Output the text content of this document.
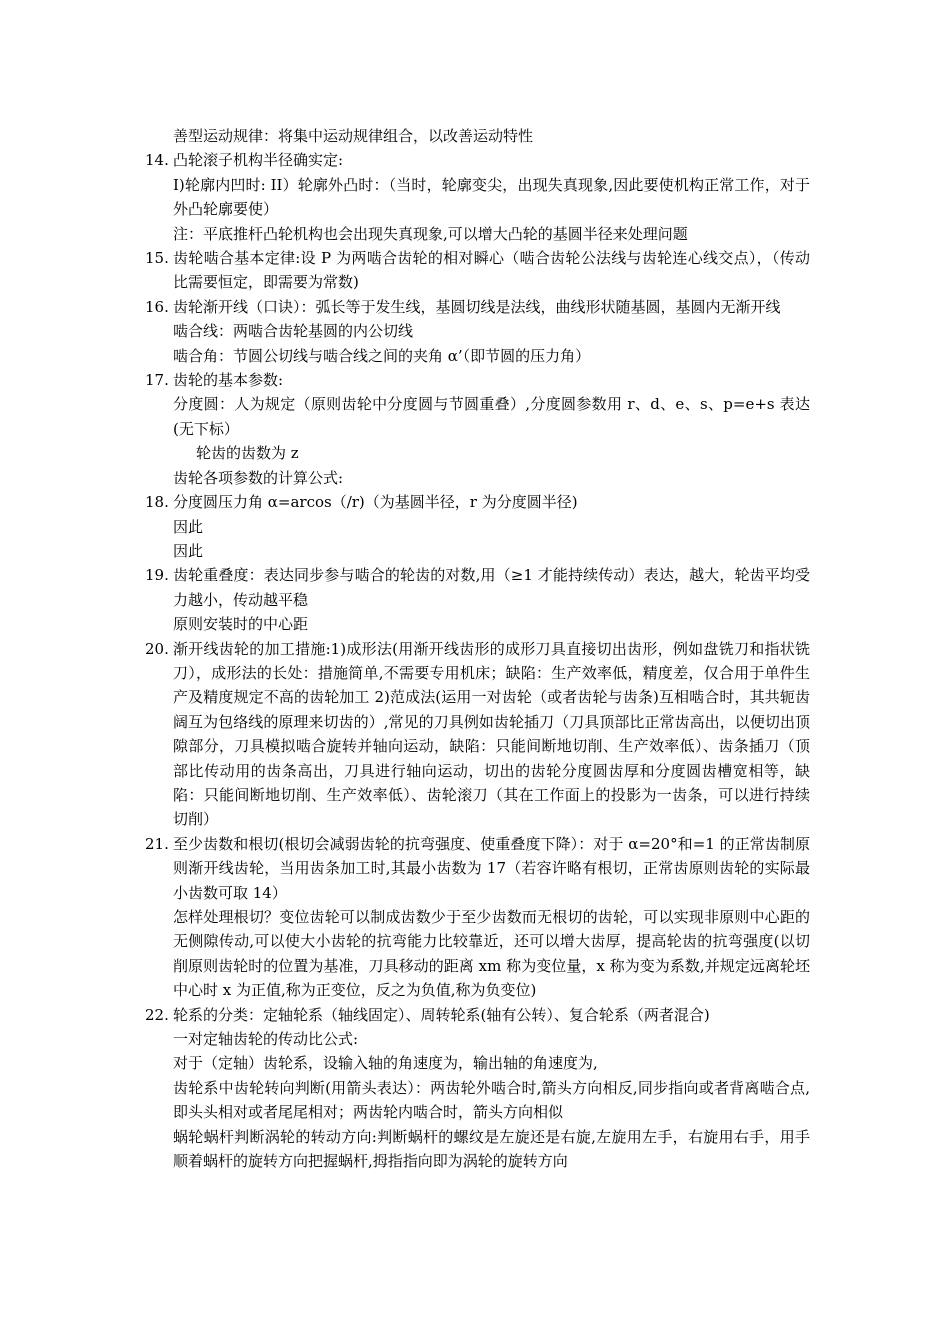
善型运动规律：将集中运动规律组合，以改善运动特性

14. 凸轮滚子机构半径确实定:

I)轮廓内凹时: II）轮廓外凸时：（当时，轮廓变尖，出现失真现象,因此要使机构正常工作，对于外凸轮廓要使）

注：平底推杆凸轮机构也会出现失真现象,可以增大凸轮的基圆半径来处理问题

15. 齿轮啮合基本定律:设 P 为两啮合齿轮的相对瞬心（啮合齿轮公法线与齿轮连心线交点），（传动比需要恒定，即需要为常数)

16. 齿轮渐开线（口诀）：弧长等于发生线，基圆切线是法线，曲线形状随基圆，基圆内无渐开线

啮合线：两啮合齿轮基圆的内公切线

啮合角：节圆公切线与啮合线之间的夹角 α’（即节圆的压力角）

17. 齿轮的基本参数:

分度圆：人为规定（原则齿轮中分度圆与节圆重叠）,分度圆参数用 r、d、e、s、p=e+s 表达(无下标）

轮齿的齿数为 z

齿轮各项参数的计算公式:

18. 分度圆压力角 α=arcos（/r)（为基圆半径，r 为分度圆半径)

因此

因此

19. 齿轮重叠度：表达同步参与啮合的轮齿的对数,用（≥1 才能持续传动）表达，越大，轮齿平均受力越小，传动越平稳

原则安装时的中心距

20. 渐开线齿轮的加工措施:1)成形法(用渐开线齿形的成形刀具直接切出齿形，例如盘铣刀和指状铣刀），成形法的长处：措施简单,不需要专用机床；缺陷：生产效率低，精度差，仅合用于单件生产及精度规定不高的齿轮加工 2)范成法(运用一对齿轮（或者齿轮与齿条)互相啮合时，其共轭齿阔互为包络线的原理来切齿的）,常见的刀具例如齿轮插刀（刀具顶部比正常齿高出，以便切出顶隙部分，刀具模拟啮合旋转并轴向运动，缺陷：只能间断地切削、生产效率低）、齿条插刀（顶部比传动用的齿条高出，刀具进行轴向运动，切出的齿轮分度圆齿厚和分度圆齿槽宽相等，缺陷：只能间断地切削、生产效率低）、齿轮滚刀（其在工作面上的投影为一齿条，可以进行持续切削）

21. 至少齿数和根切(根切会减弱齿轮的抗弯强度、使重叠度下降）：对于 α=20°和=1 的正常齿制原则渐开线齿轮，当用齿条加工时,其最小齿数为 17（若容许略有根切，正常齿原则齿轮的实际最小齿数可取 14）

怎样处理根切？变位齿轮可以制成齿数少于至少齿数而无根切的齿轮，可以实现非原则中心距的无侧隙传动,可以使大小齿轮的抗弯能力比较靠近，还可以增大齿厚，提高轮齿的抗弯强度(以切削原则齿轮时的位置为基准，刀具移动的距离 xm 称为变位量，x 称为变为系数,并规定远离轮坯中心时 x 为正值,称为正变位，反之为负值,称为负变位)

22. 轮系的分类：定轴轮系（轴线固定）、周转轮系(轴有公转）、复合轮系（两者混合)

一对定轴齿轮的传动比公式:

对于（定轴）齿轮系，设输入轴的角速度为，输出轴的角速度为,

齿轮系中齿轮转向判断(用箭头表达）：两齿轮外啮合时,箭头方向相反,同步指向或者背离啮合点,即头头相对或者尾尾相对；两齿轮内啮合时，箭头方向相似

蜗轮蜗杆判断涡轮的转动方向:判断蜗杆的螺纹是左旋还是右旋,左旋用左手，右旋用右手，用手顺着蜗杆的旋转方向把握蜗杆,拇指指向即为涡轮的旋转方向
